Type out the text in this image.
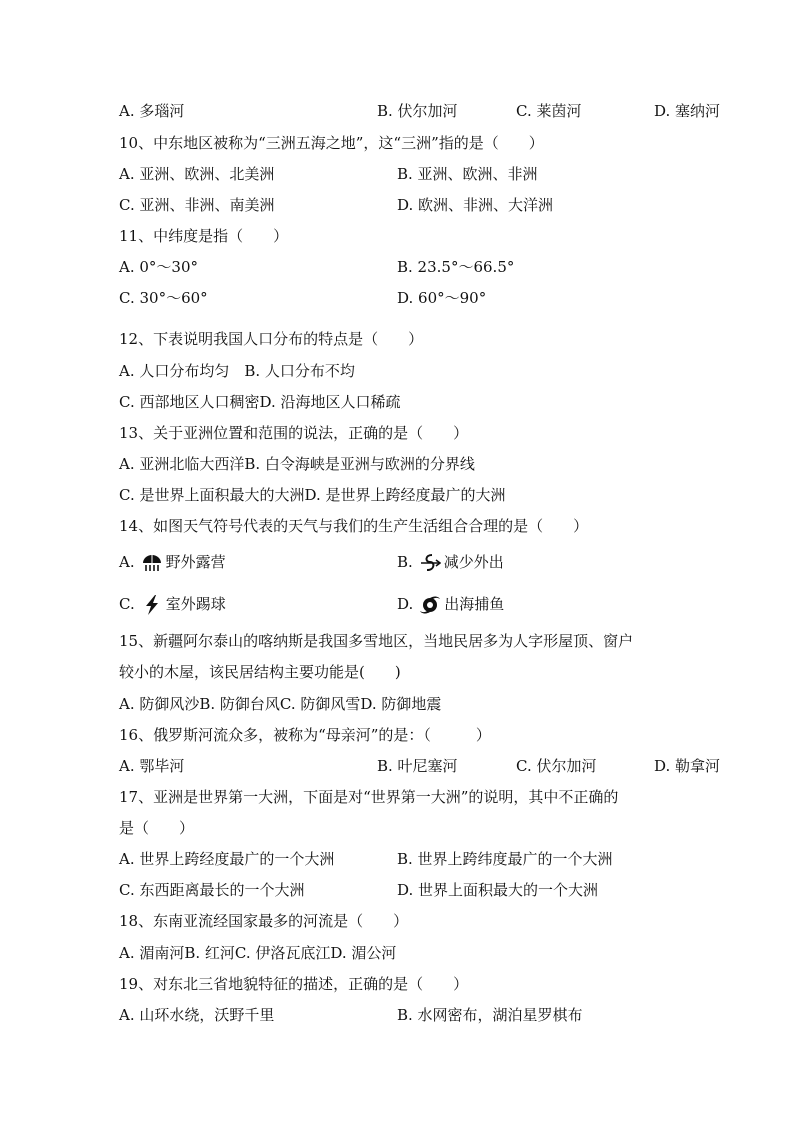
A. 多瑙河	B. 伏尔加河	C. 莱茵河	D. 塞纳河
10、中东地区被称为“三洲五海之地”，这“三洲”指的是（　　）
A. 亚洲、欧洲、北美洲	B. 亚洲、欧洲、非洲
C. 亚洲、非洲、南美洲	D. 欧洲、非洲、大洋洲
11、中纬度是指（　　）
A. 0°～30°	B. 23.5°～66.5°
C. 30°～60°	D. 60°～90°
12、下表说明我国人口分布的特点是（　　）
A. 人口分布均匀　B. 人口分布不均
C. 西部地区人口稠密D. 沿海地区人口稀疏
13、关于亚洲位置和范围的说法，正确的是（　　）
A. 亚洲北临大西洋B. 白令海峡是亚洲与欧洲的分界线
C. 是世界上面积最大的大洲D. 是世界上跨经度最广的大洲
14、如图天气符号代表的天气与我们的生产生活组合合理的是（　　）
A. 野外露营	B. 减少外出
C. 室外踢球	D. 出海捕鱼
15、新疆阿尔泰山的喀纳斯是我国多雪地区，当地民居多为人字形屋顶、窗户
较小的木屋，该民居结构主要功能是(　　)
A. 防御风沙B. 防御台风C. 防御风雪D. 防御地震
16、俄罗斯河流众多，被称为“母亲河”的是：（　　　）
A. 鄂毕河	B. 叶尼塞河	C. 伏尔加河	D. 勒拿河
17、亚洲是世界第一大洲，下面是对“世界第一大洲”的说明，其中不正确的
是（　　）
A. 世界上跨经度最广的一个大洲	B. 世界上跨纬度最广的一个大洲
C. 东西距离最长的一个大洲	D. 世界上面积最大的一个大洲
18、东南亚流经国家最多的河流是（　　）
A. 湄南河B. 红河C. 伊洛瓦底江D. 湄公河
19、对东北三省地貌特征的描述，正确的是（　　）
A. 山环水绕，沃野千里	B. 水网密布，湖泊星罗棋布
